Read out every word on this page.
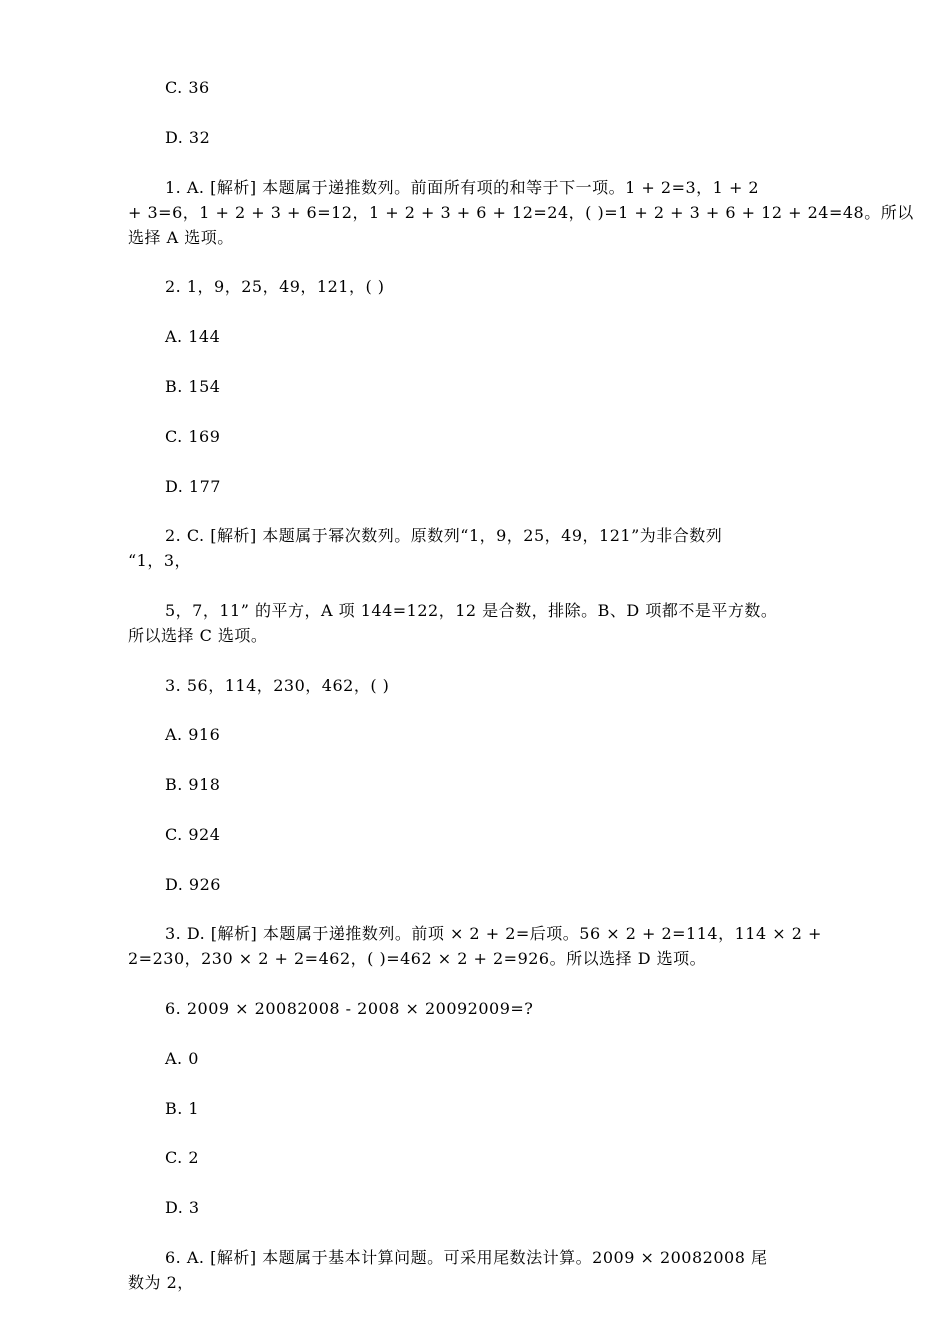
C. 36
D. 32
1. A. [解析] 本题属于递推数列。前面所有项的和等于下一项。1 + 2=3，1 + 2
+ 3=6，1 + 2 + 3 + 6=12，1 + 2 + 3 + 6 + 12=24，( )=1 + 2 + 3 + 6 + 12 + 24=48。所以
选择 A 选项。
2. 1，9，25，49，121，( )
A. 144
B. 154
C. 169
D. 177
2. C. [解析] 本题属于幂次数列。原数列“1，9，25，49，121”为非合数列
“1，3，
5，7，11” 的平方，A 项 144=122，12 是合数，排除。B、D 项都不是平方数。
所以选择 C 选项。
3. 56，114，230，462，( )
A. 916
B. 918
C. 924
D. 926
3. D. [解析] 本题属于递推数列。前项 × 2 + 2=后项。56 × 2 + 2=114，114 × 2 +
2=230，230 × 2 + 2=462，( )=462 × 2 + 2=926。所以选择 D 选项。
6. 2009 × 20082008 - 2008 × 20092009=?
A. 0
B. 1
C. 2
D. 3
6. A. [解析] 本题属于基本计算问题。可采用尾数法计算。2009 × 20082008 尾
数为 2，
